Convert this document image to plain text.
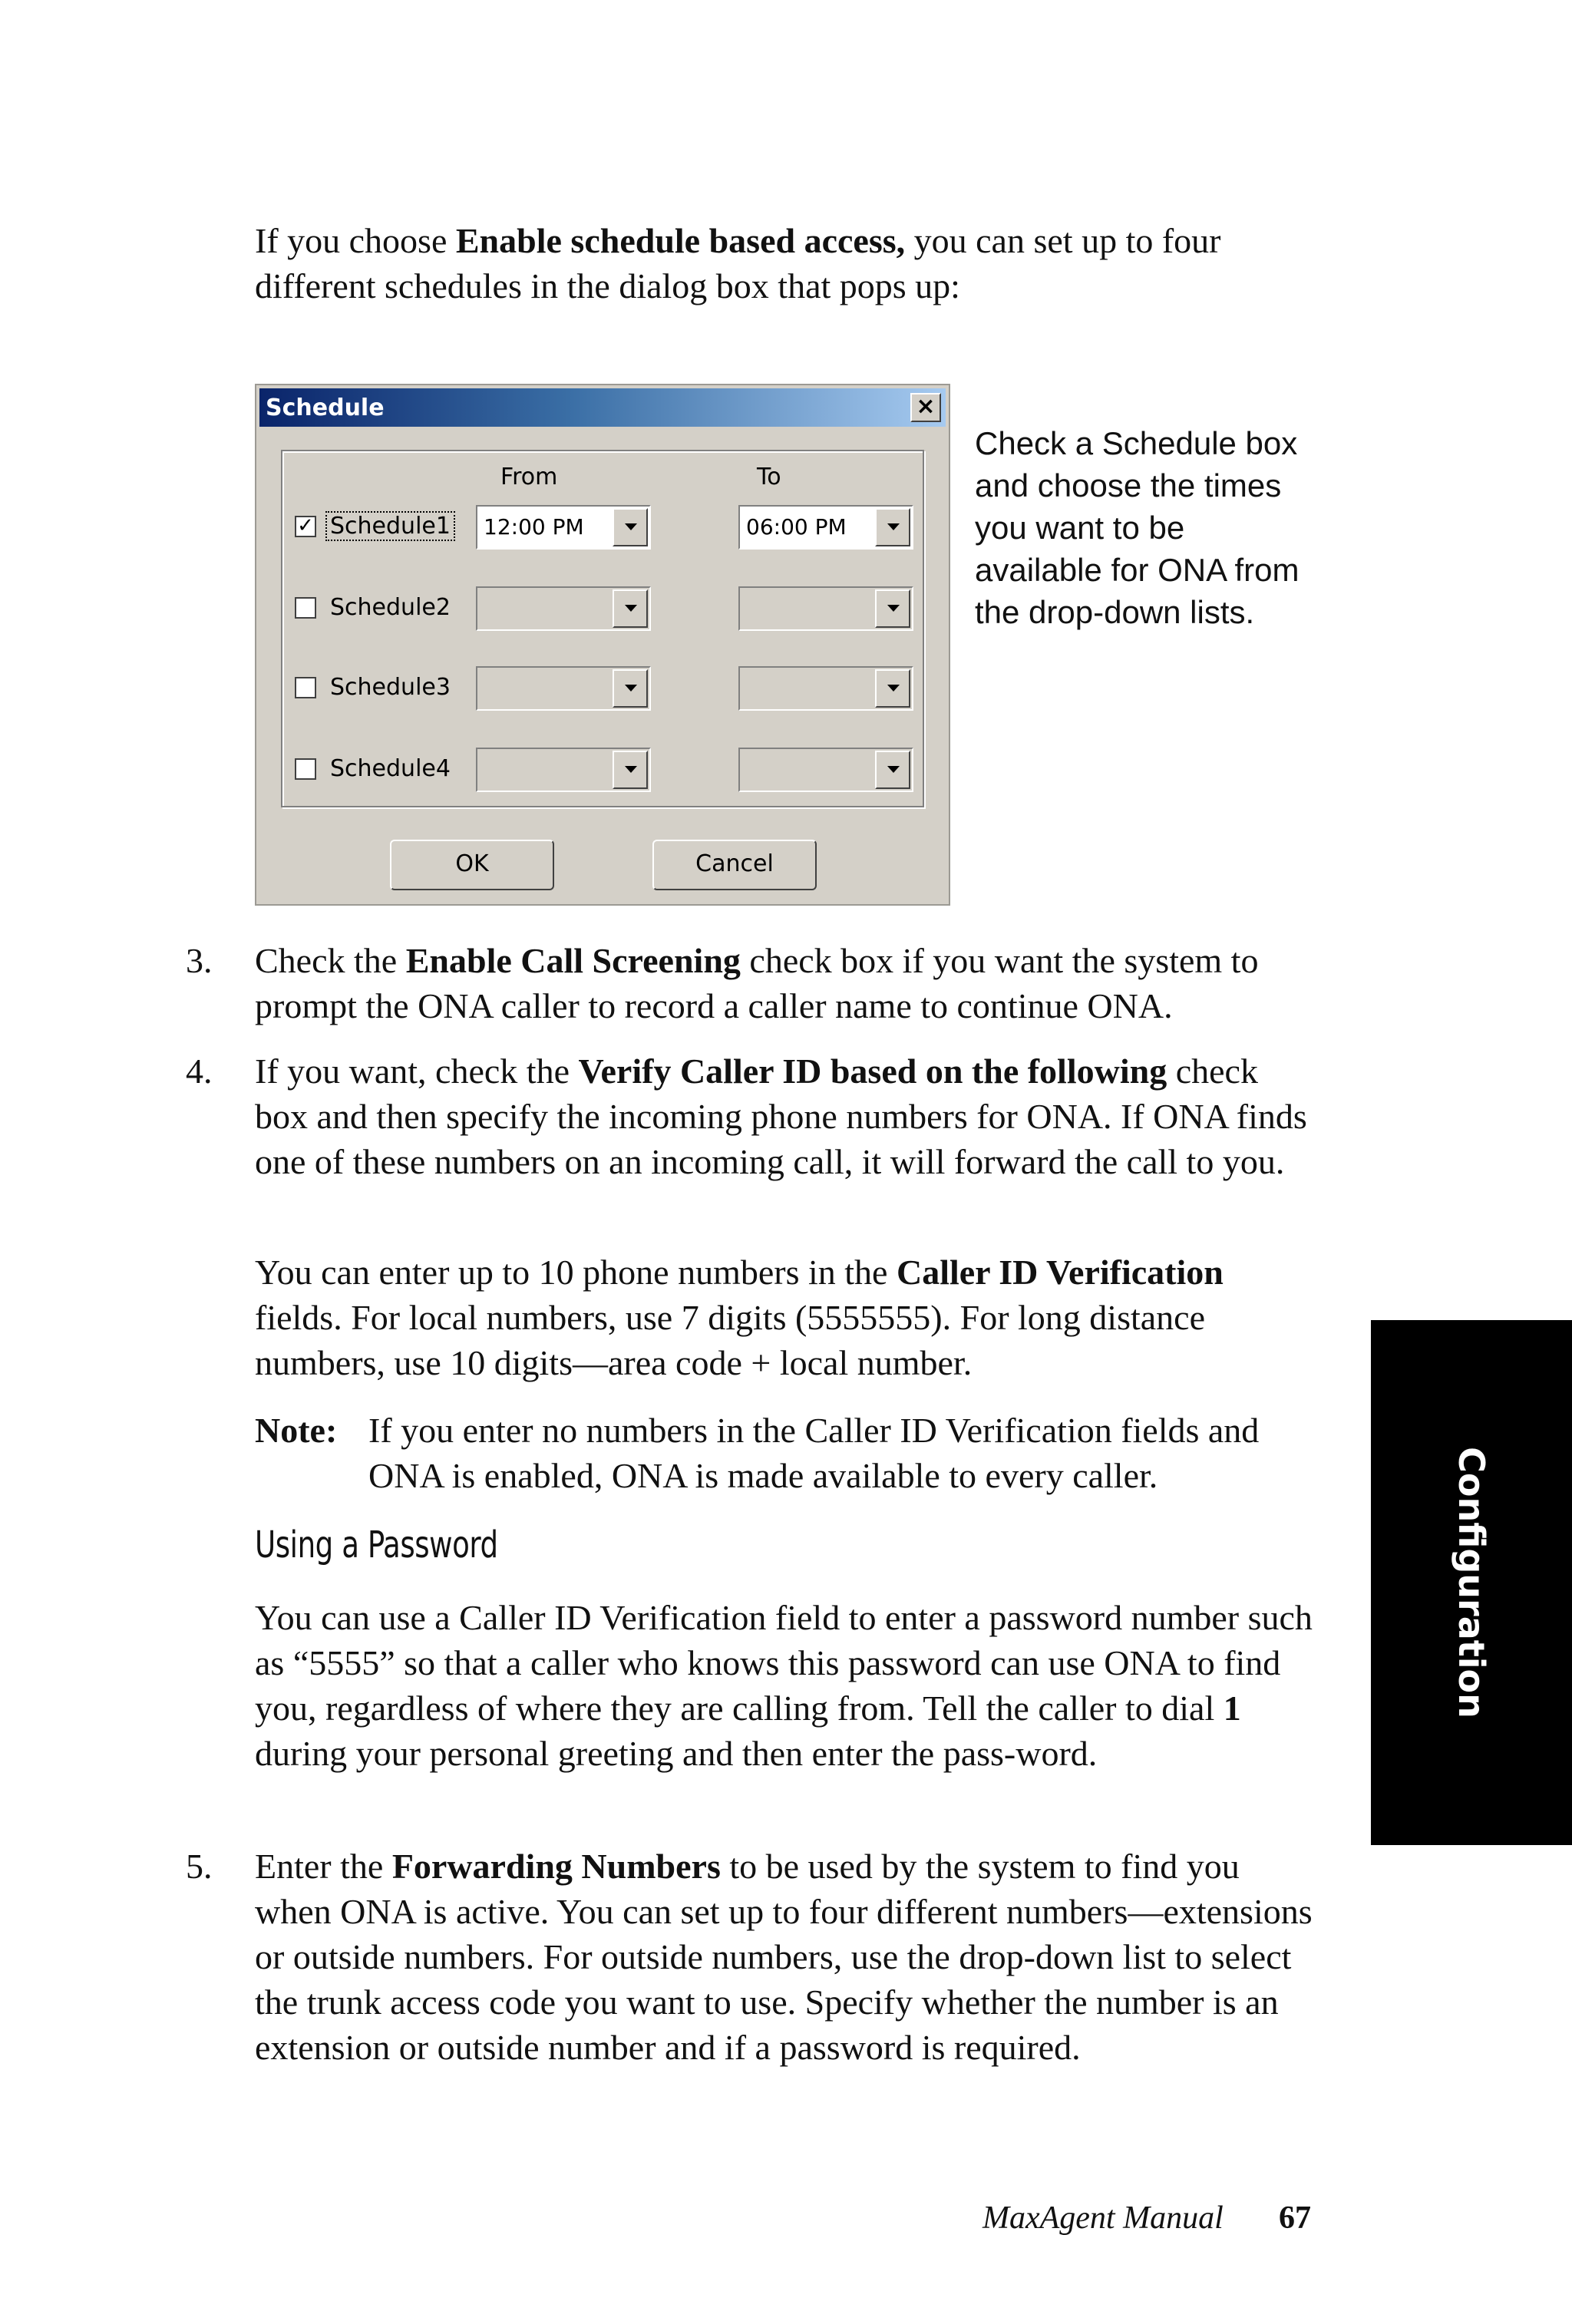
If you choose Enable schedule based access, you can set up to four different schedules in the dialog box that pops up:

Schedule	×
From	To
✓ Schedule1 12:00 PM	06:00 PM
Schedule2
Schedule3
Schedule4
OK	Cancel
Check a Schedule box and choose the times you want to be available for ONA from the drop-down lists.
3. Check the Enable Call Screening check box if you want the system to prompt the ONA caller to record a caller name to continue ONA.

4. If you want, check the Verify Caller ID based on the following check box and then specify the incoming phone numbers for ONA. If ONA finds one of these numbers on an incoming call, it will forward the call to you.

You can enter up to 10 phone numbers in the Caller ID Verification fields. For local numbers, use 7 digits (5555555). For long distance numbers, use 10 digits—area code + local number.

Note: If you enter no numbers in the Caller ID Verification fields and ONA is enabled, ONA is made available to every caller.

Using a Password

You can use a Caller ID Verification field to enter a password number such as “5555” so that a caller who knows this password can use ONA to find you, regardless of where they are calling from. Tell the caller to dial 1 during your personal greeting and then enter the pass-word.

5. Enter the Forwarding Numbers to be used by the system to find you when ONA is active. You can set up to four different numbers—extensions or outside numbers. For outside numbers, use the drop-down list to select the trunk access code you want to use. Specify whether the number is an extension or outside number and if a password is required.

Configuration
MaxAgent Manual 67
